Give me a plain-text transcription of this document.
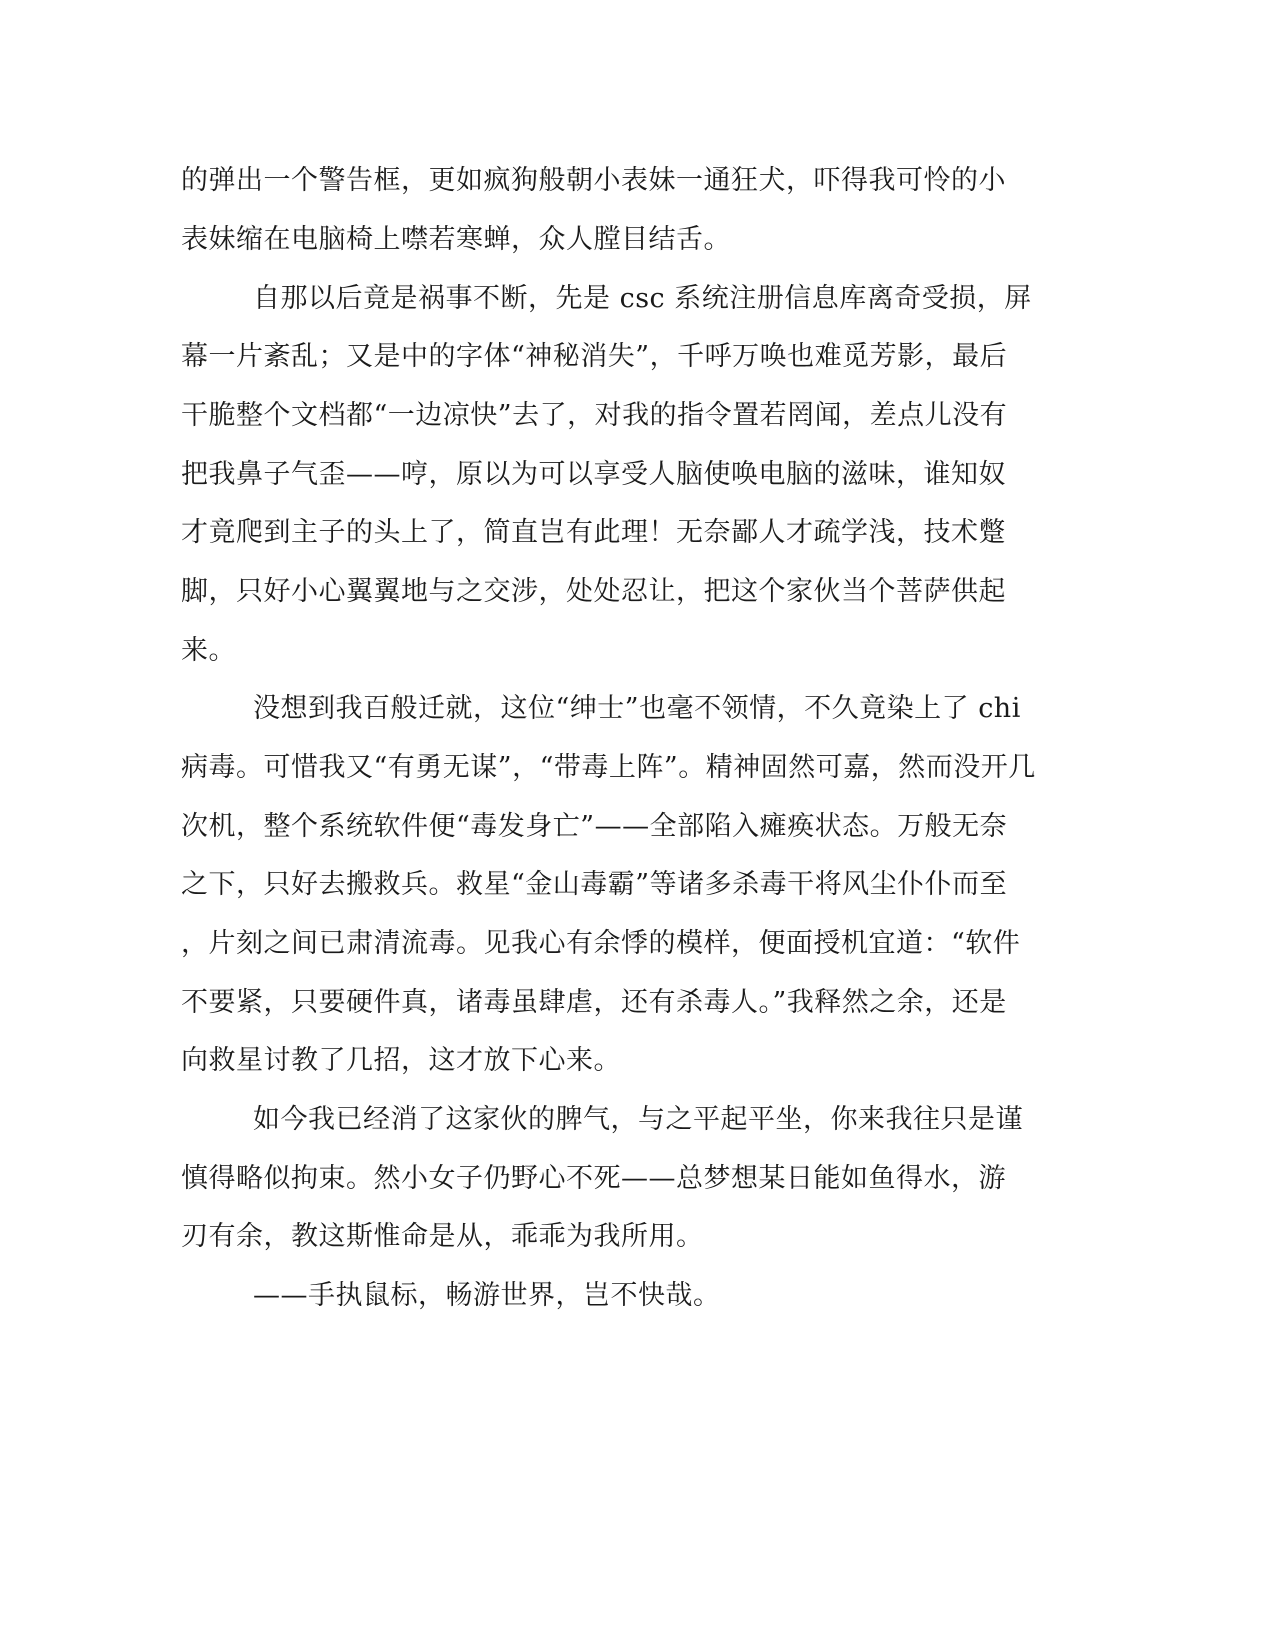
的弹出一个警告框，更如疯狗般朝小表妹一通狂犬，吓得我可怜的小
表妹缩在电脑椅上噤若寒蝉，众人膛目结舌。
自那以后竟是祸事不断，先是 csc 系统注册信息库离奇受损，屏
幕一片紊乱；又是中的字体“神秘消失”，千呼万唤也难觅芳影，最后
干脆整个文档都“一边凉快”去了，对我的指令置若罔闻，差点儿没有
把我鼻子气歪——哼，原以为可以享受人脑使唤电脑的滋味，谁知奴
才竟爬到主子的头上了，简直岂有此理！无奈鄙人才疏学浅，技术蹩
脚，只好小心翼翼地与之交涉，处处忍让，把这个家伙当个菩萨供起
来。
没想到我百般迁就，这位“绅士”也毫不领情，不久竟染上了 chi
病毒。可惜我又“有勇无谋”，“带毒上阵”。精神固然可嘉，然而没开几
次机，整个系统软件便“毒发身亡”——全部陷入瘫痪状态。万般无奈
之下，只好去搬救兵。救星“金山毒霸”等诸多杀毒干将风尘仆仆而至
，片刻之间已肃清流毒。见我心有余悸的模样，便面授机宜道：“软件
不要紧，只要硬件真，诸毒虽肆虐，还有杀毒人。”我释然之余，还是
向救星讨教了几招，这才放下心来。
如今我已经消了这家伙的脾气，与之平起平坐，你来我往只是谨
慎得略似拘束。然小女子仍野心不死——总梦想某日能如鱼得水，游
刃有余，教这斯惟命是从，乖乖为我所用。
——手执鼠标，畅游世界，岂不快哉。
